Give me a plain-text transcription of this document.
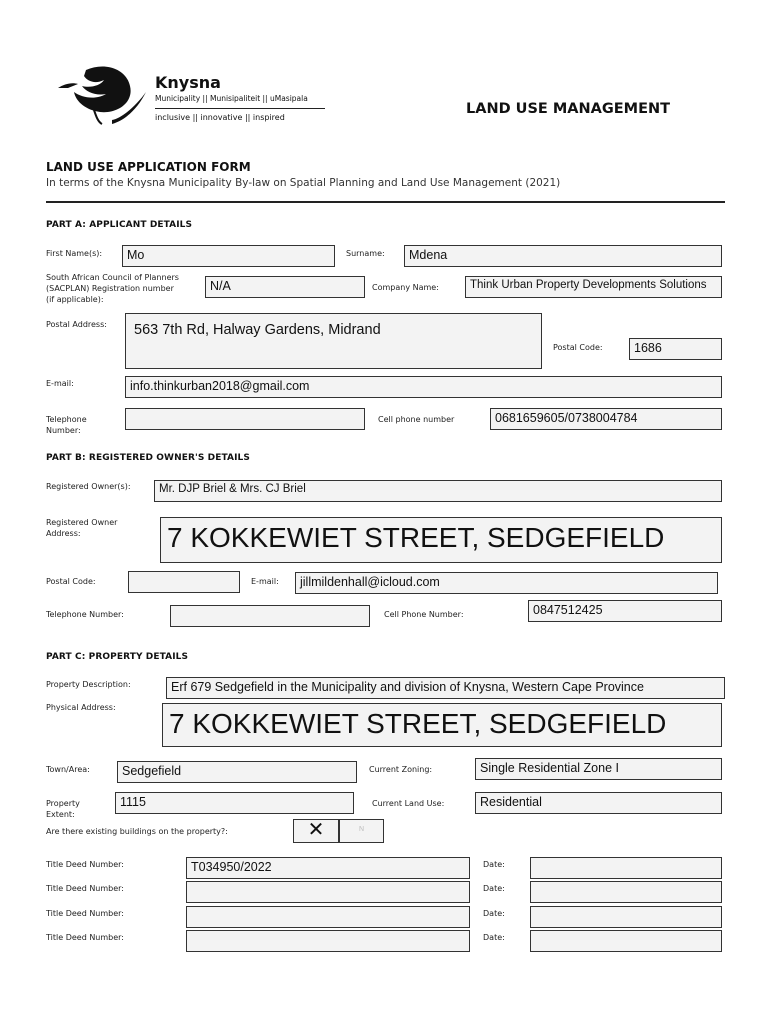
Knysna
Municipality || Munisipaliteit || uMasipala
inclusive || innovative || inspired
LAND USE MANAGEMENT
LAND USE APPLICATION FORM
In terms of the Knysna Municipality By-law on Spatial Planning and Land Use Management (2021)
PART A: APPLICANT DETAILS
First Name(s):	Mo	Surname:	Mdena
South African Council of Planners
(SACPLAN) Registration number
(if applicable):
N/A	Company Name:	Think Urban Property Developments Solutions
Postal Address:	563 7th Rd, Halway Gardens, Midrand
Postal Code:	1686
E-mail:	info.thinkurban2018@gmail.com
Telephone
Number:
Cell phone number	0681659605/0738004784
PART B: REGISTERED OWNER'S DETAILS
Registered Owner(s):	Mr. DJP Briel & Mrs. CJ Briel
Registered Owner
Address:	7 KOKKEWIET STREET, SEDGEFIELD
Postal Code:	E-mail:	jillmildenhall@icloud.com
Telephone Number:	Cell Phone Number:	0847512425
PART C: PROPERTY DETAILS
Property Description:	Erf 679 Sedgefield in the Municipality and division of Knysna, Western Cape Province
Physical Address:
7 KOKKEWIET STREET, SEDGEFIELD
Town/Area:	Sedgefield	Current Zoning:	Single Residential Zone I
Property
Extent:
1115	Current Land Use:	Residential
Are there existing buildings on the property?:	✕	N
Title Deed Number:	T034950/2022	Date:
Title Deed Number:	Date:
Title Deed Number:	Date:
Title Deed Number:	Date:
